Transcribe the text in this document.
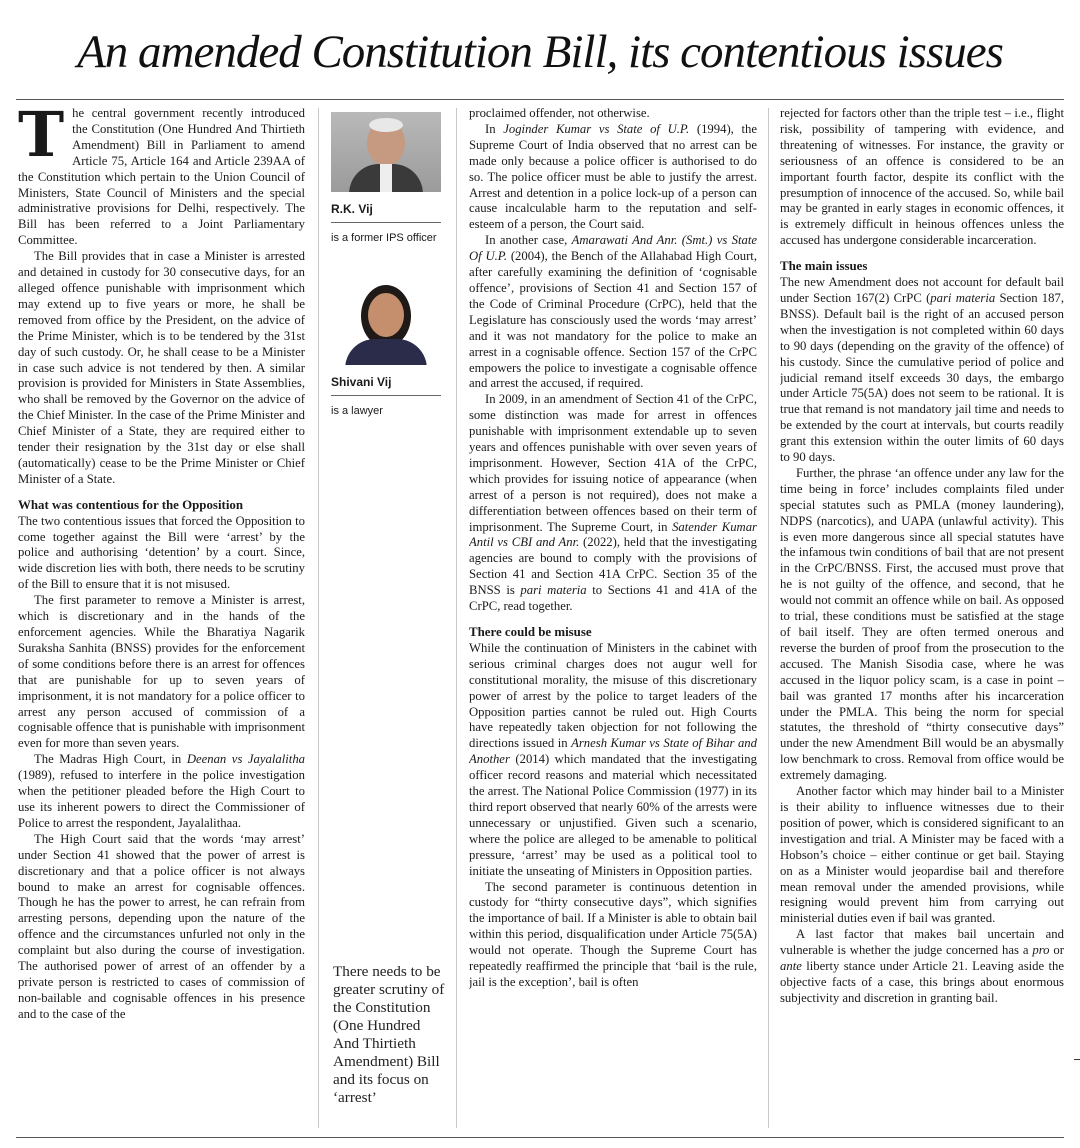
An amended Constitution Bill, its contentious issues

The central government recently introduced the Constitution (One Hundred And Thirtieth Amendment) Bill in Parliament to amend Article 75, Article 164 and Article 239AA of the Constitution which pertain to the Union Council of Ministers, State Council of Ministers and the special administrative provisions for Delhi, respectively. The Bill has been referred to a Joint Parliamentary Committee.

The Bill provides that in case a Minister is arrested and detained in custody for 30 consecutive days, for an alleged offence punishable with imprisonment which may extend up to five years or more, he shall be removed from office by the President, on the advice of the Prime Minister, which is to be tendered by the 31st day of such custody. Or, he shall cease to be a Minister in case such advice is not tendered by then. A similar provision is provided for Ministers in State Assemblies, who shall be removed by the Governor on the advice of the Chief Minister. In the case of the Prime Minister and Chief Minister of a State, they are required either to tender their resignation by the 31st day or else shall (automatically) cease to be the Prime Minister or Chief Minister of a State.

What was contentious for the Opposition

The two contentious issues that forced the Opposition to come together against the Bill were ‘arrest’ by the police and authorising ‘detention’ by a court. Since, wide discretion lies with both, there needs to be scrutiny of the Bill to ensure that it is not misused.

The first parameter to remove a Minister is arrest, which is discretionary and in the hands of the enforcement agencies. While the Bharatiya Nagarik Suraksha Sanhita (BNSS) provides for the enforcement of some conditions before there is an arrest for offences that are punishable for up to seven years of imprisonment, it is not mandatory for a police officer to arrest any person accused of commission of a cognisable offence that is punishable with imprisonment even for more than seven years.

The Madras High Court, in Deenan vs Jayalalitha (1989), refused to interfere in the police investigation when the petitioner pleaded before the High Court to use its inherent powers to direct the Commissioner of Police to arrest the respondent, Jayalalithaa.

The High Court said that the words ‘may arrest’ under Section 41 showed that the power of arrest is discretionary and that a police officer is not always bound to make an arrest for cognisable offences. Though he has the power to arrest, he can refrain from arresting persons, depending upon the nature of the offence and the circumstances unfurled not only in the complaint but also during the course of investigation. The authorised power of arrest of an offender by a private person is restricted to cases of commission of non-bailable and cognisable offences in his presence and to the case of the

R.K. Vij
is a former IPS officer
Shivani Vij
is a lawyer
There needs to be greater scrutiny of the Constitution (One Hundred And Thirtieth Amendment) Bill and its focus on ‘arrest’

proclaimed offender, not otherwise.

In Joginder Kumar vs State of U.P. (1994), the Supreme Court of India observed that no arrest can be made only because a police officer is authorised to do so. The police officer must be able to justify the arrest. Arrest and detention in a police lock-up of a person can cause incalculable harm to the reputation and self-esteem of a person, the Court said.

In another case, Amarawati And Anr. (Smt.) vs State Of U.P. (2004), the Bench of the Allahabad High Court, after carefully examining the definition of ‘cognisable offence’, provisions of Section 41 and Section 157 of the Code of Criminal Procedure (CrPC), held that the Legislature has consciously used the words ‘may arrest’ and it was not mandatory for the police to make an arrest in a cognisable offence. Section 157 of the CrPC empowers the police to investigate a cognisable offence and arrest the accused, if required.

In 2009, in an amendment of Section 41 of the CrPC, some distinction was made for arrest in offences punishable with imprisonment extendable up to seven years and offences punishable with over seven years of imprisonment. However, Section 41A of the CrPC, which provides for issuing notice of appearance (when arrest of a person is not required), does not make a differentiation between offences based on their term of imprisonment. The Supreme Court, in Satender Kumar Antil vs CBI and Anr. (2022), held that the investigating agencies are bound to comply with the provisions of Section 41 and Section 41A CrPC. Section 35 of the BNSS is pari materia to Sections 41 and 41A of the CrPC, read together.

There could be misuse

While the continuation of Ministers in the cabinet with serious criminal charges does not augur well for constitutional morality, the misuse of this discretionary power of arrest by the police to target leaders of the Opposition parties cannot be ruled out. High Courts have repeatedly taken objection for not following the directions issued in Arnesh Kumar vs State of Bihar and Another (2014) which mandated that the investigating officer record reasons and material which necessitated the arrest. The National Police Commission (1977) in its third report observed that nearly 60% of the arrests were unnecessary or unjustified. Given such a scenario, where the police are alleged to be amenable to political pressure, ‘arrest’ may be used as a political tool to initiate the unseating of Ministers in Opposition parties.

The second parameter is continuous detention in custody for “thirty consecutive days”, which signifies the importance of bail. If a Minister is able to obtain bail within this period, disqualification under Article 75(5A) would not operate. Though the Supreme Court has repeatedly reaffirmed the principle that ‘bail is the rule, jail is the exception’, bail is often

rejected for factors other than the triple test – i.e., flight risk, possibility of tampering with evidence, and threatening of witnesses. For instance, the gravity or seriousness of an offence is considered to be an important fourth factor, despite its conflict with the presumption of innocence of the accused. So, while bail may be granted in early stages in economic offences, it is extremely difficult in heinous offences unless the accused has undergone considerable incarceration.

The main issues

The new Amendment does not account for default bail under Section 167(2) CrPC (pari materia Section 187, BNSS). Default bail is the right of an accused person when the investigation is not completed within 60 days to 90 days (depending on the gravity of the offence) of his custody. Since the cumulative period of police and judicial remand itself exceeds 30 days, the embargo under Article 75(5A) does not seem to be rational. It is true that remand is not mandatory jail time and needs to be extended by the court at intervals, but courts readily grant this extension within the outer limits of 60 days to 90 days.

Further, the phrase ‘an offence under any law for the time being in force’ includes complaints filed under special statutes such as PMLA (money laundering), NDPS (narcotics), and UAPA (unlawful activity). This is even more dangerous since all special statutes have the infamous twin conditions of bail that are not present in the CrPC/BNSS. First, the accused must prove that he is not guilty of the offence, and second, that he would not commit an offence while on bail. As opposed to trial, these conditions must be satisfied at the stage of bail itself. They are often termed onerous and reverse the burden of proof from the prosecution to the accused. The Manish Sisodia case, where he was accused in the liquor policy scam, is a case in point – bail was granted 17 months after his incarceration under the PMLA. This being the norm for special statutes, the threshold of “thirty consecutive days” under the new Amendment Bill would be an abysmally low benchmark to cross. Removal from office would be extremely damaging.

Another factor which may hinder bail to a Minister is their ability to influence witnesses due to their position of power, which is considered significant to an investigation and trial. A Minister may be faced with a Hobson’s choice – either continue or get bail. Staying on as a Minister would jeopardise bail and therefore mean removal under the amended provisions, while resigning would prevent him from carrying out ministerial duties even if bail was granted.

A last factor that makes bail uncertain and vulnerable is whether the judge concerned has a pro or ante liberty stance under Article 21. Leaving aside the objective facts of a case, this brings about enormous subjectivity and discretion in granting bail.
